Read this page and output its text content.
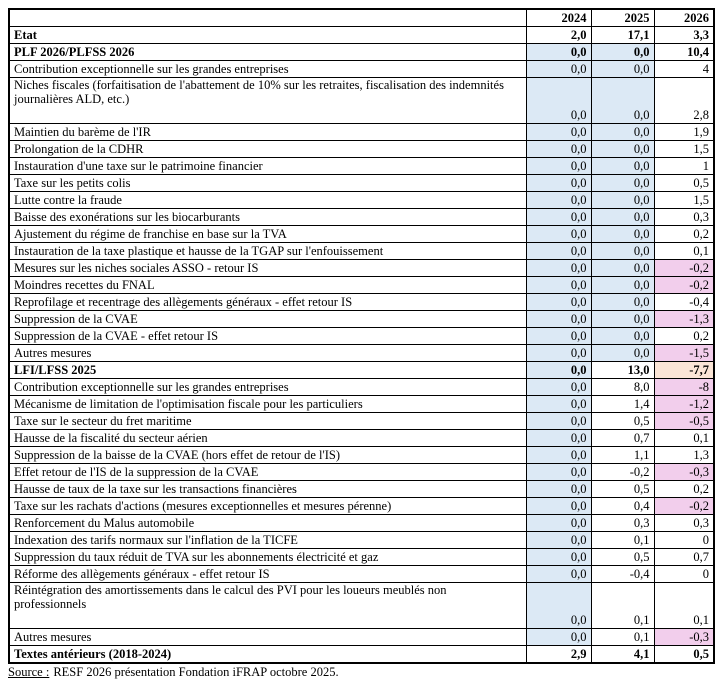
	2024	2025	2026
Etat	2,0	17,1	3,3
PLF 2026/PLFSS 2026	0,0	0,0	10,4
Contribution exceptionnelle sur les grandes entreprises	0,0	0,0	4
Niches fiscales (forfaitisation de l'abattement de 10% sur les retraites, fiscalisation des indemnités journalières ALD, etc.)	0,0	0,0	2,8
Maintien du barème de l'IR	0,0	0,0	1,9
Prolongation de la CDHR	0,0	0,0	1,5
Instauration d'une taxe sur le patrimoine financier	0,0	0,0	1
Taxe sur les petits colis	0,0	0,0	0,5
Lutte contre la fraude	0,0	0,0	1,5
Baisse des exonérations sur les biocarburants	0,0	0,0	0,3
Ajustement du régime de franchise en base sur la TVA	0,0	0,0	0,2
Instauration de la taxe plastique et hausse de la TGAP sur l'enfouissement	0,0	0,0	0,1
Mesures sur les niches sociales ASSO - retour IS	0,0	0,0	-0,2
Moindres recettes du FNAL	0,0	0,0	-0,2
Reprofilage et recentrage des allègements généraux - effet retour IS	0,0	0,0	-0,4
Suppression de la CVAE	0,0	0,0	-1,3
Suppression de la CVAE - effet retour IS	0,0	0,0	0,2
Autres mesures	0,0	0,0	-1,5
LFI/LFSS 2025	0,0	13,0	-7,7
Contribution exceptionnelle sur les grandes entreprises	0,0	8,0	-8
Mécanisme de limitation de l'optimisation fiscale pour les particuliers	0,0	1,4	-1,2
Taxe sur le secteur du fret maritime	0,0	0,5	-0,5
Hausse de la fiscalité du secteur aérien	0,0	0,7	0,1
Suppression de la baisse de la CVAE (hors effet de retour de l'IS)	0,0	1,1	1,3
Effet retour de l'IS de la suppression de la CVAE	0,0	-0,2	-0,3
Hausse de taux de la taxe sur les transactions financières	0,0	0,5	0,2
Taxe sur les rachats d'actions (mesures exceptionnelles et mesures pérenne)	0,0	0,4	-0,2
Renforcement du Malus automobile	0,0	0,3	0,3
Indexation des tarifs normaux sur l'inflation de la TICFE	0,0	0,1	0
Suppression du taux réduit de TVA sur les abonnements électricité et gaz	0,0	0,5	0,7
Réforme des allègements généraux - effet retour IS	0,0	-0,4	0
Réintégration des amortissements dans le calcul des PVI pour les loueurs meublés non professionnels	0,0	0,1	0,1
Autres mesures	0,0	0,1	-0,3
Textes antérieurs (2018-2024)	2,9	4,1	0,5
Source : RESF 2026 présentation Fondation iFRAP octobre 2025.
